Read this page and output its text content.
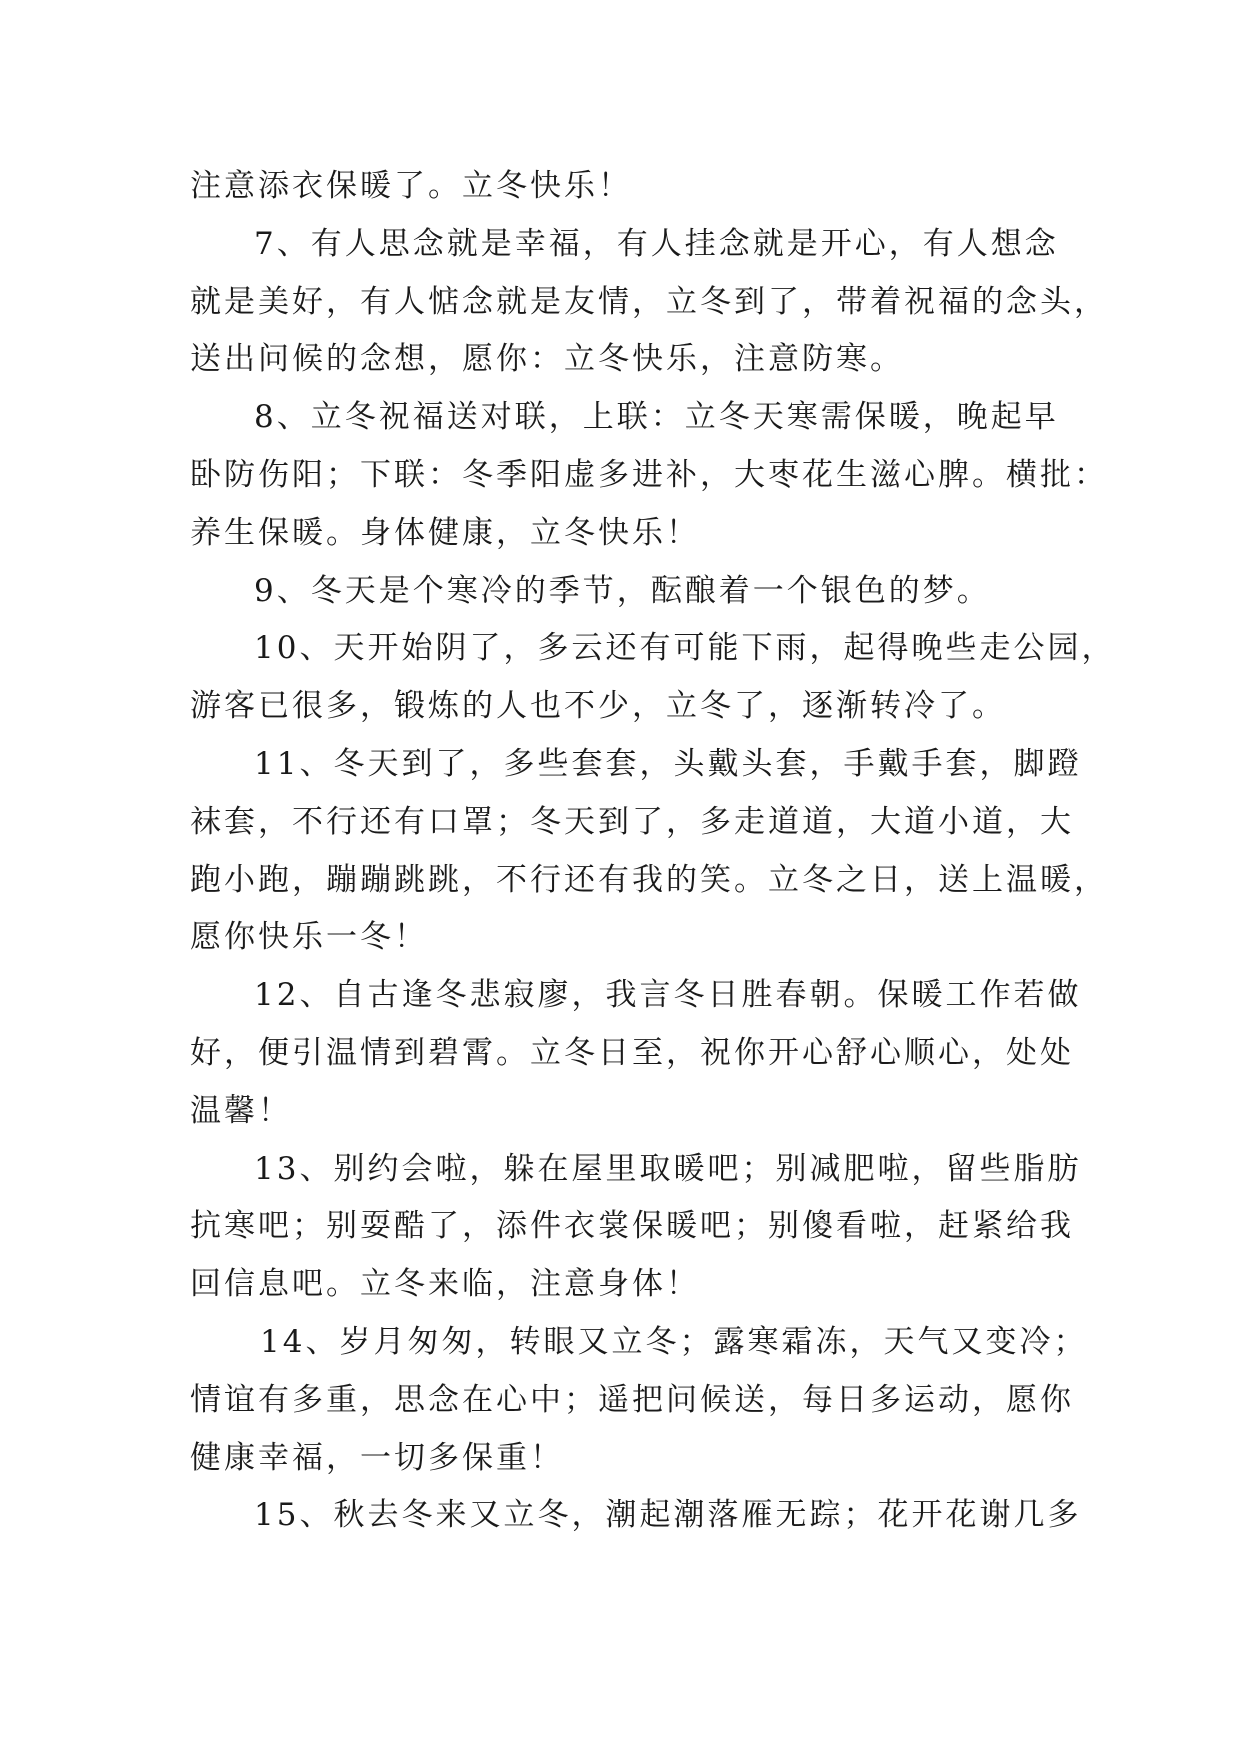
注意添衣保暖了。立冬快乐！
7、有人思念就是幸福，有人挂念就是开心，有人想念
就是美好，有人惦念就是友情，立冬到了，带着祝福的念头，
送出问候的念想，愿你：立冬快乐，注意防寒。
8、立冬祝福送对联，上联：立冬天寒需保暖，晚起早
卧防伤阳；下联：冬季阳虚多进补，大枣花生滋心脾。横批：
养生保暖。身体健康，立冬快乐！
9、冬天是个寒冷的季节，酝酿着一个银色的梦。
10、天开始阴了，多云还有可能下雨，起得晚些走公园，
游客已很多，锻炼的人也不少，立冬了，逐渐转冷了。
11、冬天到了，多些套套，头戴头套，手戴手套，脚蹬
袜套，不行还有口罩；冬天到了，多走道道，大道小道，大
跑小跑，蹦蹦跳跳，不行还有我的笑。立冬之日，送上温暖，
愿你快乐一冬！
12、自古逢冬悲寂廖，我言冬日胜春朝。保暖工作若做
好，便引温情到碧霄。立冬日至，祝你开心舒心顺心，处处
温馨！
13、别约会啦，躲在屋里取暖吧；别减肥啦，留些脂肪
抗寒吧；别耍酷了，添件衣裳保暖吧；别傻看啦，赶紧给我
回信息吧。立冬来临，注意身体！
14、岁月匆匆，转眼又立冬；露寒霜冻，天气又变冷；
情谊有多重，思念在心中；遥把问候送，每日多运动，愿你
健康幸福，一切多保重！
15、秋去冬来又立冬，潮起潮落雁无踪；花开花谢几多
